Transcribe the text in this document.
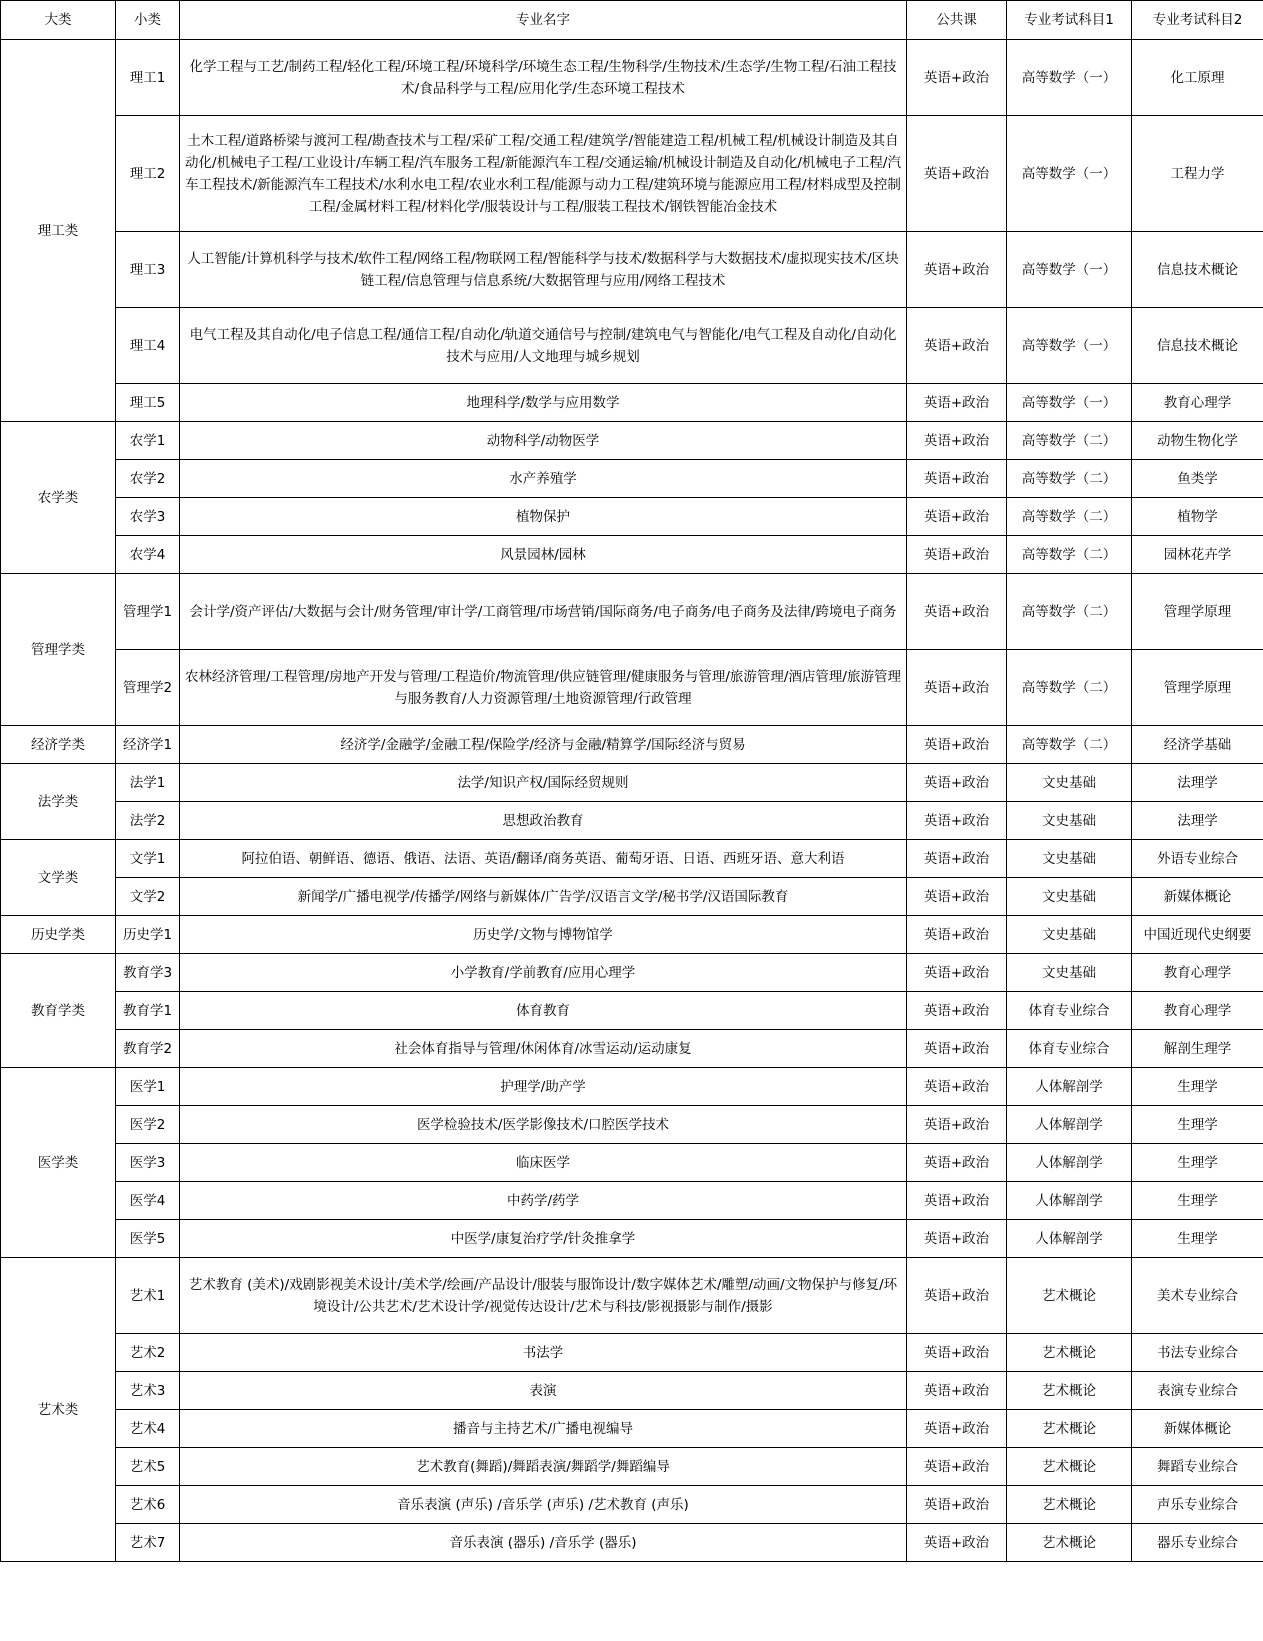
大类	小类	专业名字	公共课	专业考试科目1	专业考试科目2
理工类	理工1	化学工程与工艺/制药工程/轻化工程/环境工程/环境科学/环境生态工程/生物科学/生物技术/生态学/生物工程/石油工程技术/食品科学与工程/应用化学/生态环境工程技术	英语+政治	高等数学（一）	化工原理
	理工2	土木工程/道路桥梁与渡河工程/勘查技术与工程/采矿工程/交通工程/建筑学/智能建造工程/机械工程/机械设计制造及其自动化/机械电子工程/工业设计/车辆工程/汽车服务工程/新能源汽车工程/交通运输/机械设计制造及自动化/机械电子工程/汽车工程技术/新能源汽车工程技术/水利水电工程/农业水利工程/能源与动力工程/建筑环境与能源应用工程/材料成型及控制工程/金属材料工程/材料化学/服装设计与工程/服装工程技术/钢铁智能冶金技术	英语+政治	高等数学（一）	工程力学
	理工3	人工智能/计算机科学与技术/软件工程/网络工程/物联网工程/智能科学与技术/数据科学与大数据技术/虚拟现实技术/区块链工程/信息管理与信息系统/大数据管理与应用/网络工程技术	英语+政治	高等数学（一）	信息技术概论
	理工4	电气工程及其自动化/电子信息工程/通信工程/自动化/轨道交通信号与控制/建筑电气与智能化/电气工程及自动化/自动化技术与应用/人文地理与城乡规划	英语+政治	高等数学（一）	信息技术概论
	理工5	地理科学/数学与应用数学	英语+政治	高等数学（一）	教育心理学
农学类	农学1	动物科学/动物医学	英语+政治	高等数学（二）	动物生物化学
	农学2	水产养殖学	英语+政治	高等数学（二）	鱼类学
	农学3	植物保护	英语+政治	高等数学（二）	植物学
	农学4	风景园林/园林	英语+政治	高等数学（二）	园林花卉学
管理学类	管理学1	会计学/资产评估/大数据与会计/财务管理/审计学/工商管理/市场营销/国际商务/电子商务/电子商务及法律/跨境电子商务	英语+政治	高等数学（二）	管理学原理
	管理学2	农林经济管理/工程管理/房地产开发与管理/工程造价/物流管理/供应链管理/健康服务与管理/旅游管理/酒店管理/旅游管理与服务教育/人力资源管理/土地资源管理/行政管理	英语+政治	高等数学（二）	管理学原理
经济学类	经济学1	经济学/金融学/金融工程/保险学/经济与金融/精算学/国际经济与贸易	英语+政治	高等数学（二）	经济学基础
法学类	法学1	法学/知识产权/国际经贸规则	英语+政治	文史基础	法理学
	法学2	思想政治教育	英语+政治	文史基础	法理学
文学类	文学1	阿拉伯语、朝鲜语、德语、俄语、法语、英语/翻译/商务英语、葡萄牙语、日语、西班牙语、意大利语	英语+政治	文史基础	外语专业综合
	文学2	新闻学/广播电视学/传播学/网络与新媒体/广告学/汉语言文学/秘书学/汉语国际教育	英语+政治	文史基础	新媒体概论
历史学类	历史学1	历史学/文物与博物馆学	英语+政治	文史基础	中国近现代史纲要
教育学类	教育学3	小学教育/学前教育/应用心理学	英语+政治	文史基础	教育心理学
	教育学1	体育教育	英语+政治	体育专业综合	教育心理学
	教育学2	社会体育指导与管理/休闲体育/冰雪运动/运动康复	英语+政治	体育专业综合	解剖生理学
医学类	医学1	护理学/助产学	英语+政治	人体解剖学	生理学
	医学2	医学检验技术/医学影像技术/口腔医学技术	英语+政治	人体解剖学	生理学
	医学3	临床医学	英语+政治	人体解剖学	生理学
	医学4	中药学/药学	英语+政治	人体解剖学	生理学
	医学5	中医学/康复治疗学/针灸推拿学	英语+政治	人体解剖学	生理学
艺术类	艺术1	艺术教育 (美术)/戏剧影视美术设计/美术学/绘画/产品设计/服装与服饰设计/数字媒体艺术/雕塑/动画/文物保护与修复/环境设计/公共艺术/艺术设计学/视觉传达设计/艺术与科技/影视摄影与制作/摄影	英语+政治	艺术概论	美术专业综合
	艺术2	书法学	英语+政治	艺术概论	书法专业综合
	艺术3	表演	英语+政治	艺术概论	表演专业综合
	艺术4	播音与主持艺术/广播电视编导	英语+政治	艺术概论	新媒体概论
	艺术5	艺术教育(舞蹈)/舞蹈表演/舞蹈学/舞蹈编导	英语+政治	艺术概论	舞蹈专业综合
	艺术6	音乐表演 (声乐) /音乐学 (声乐) /艺术教育 (声乐)	英语+政治	艺术概论	声乐专业综合
	艺术7	音乐表演 (器乐) /音乐学 (器乐)	英语+政治	艺术概论	器乐专业综合
